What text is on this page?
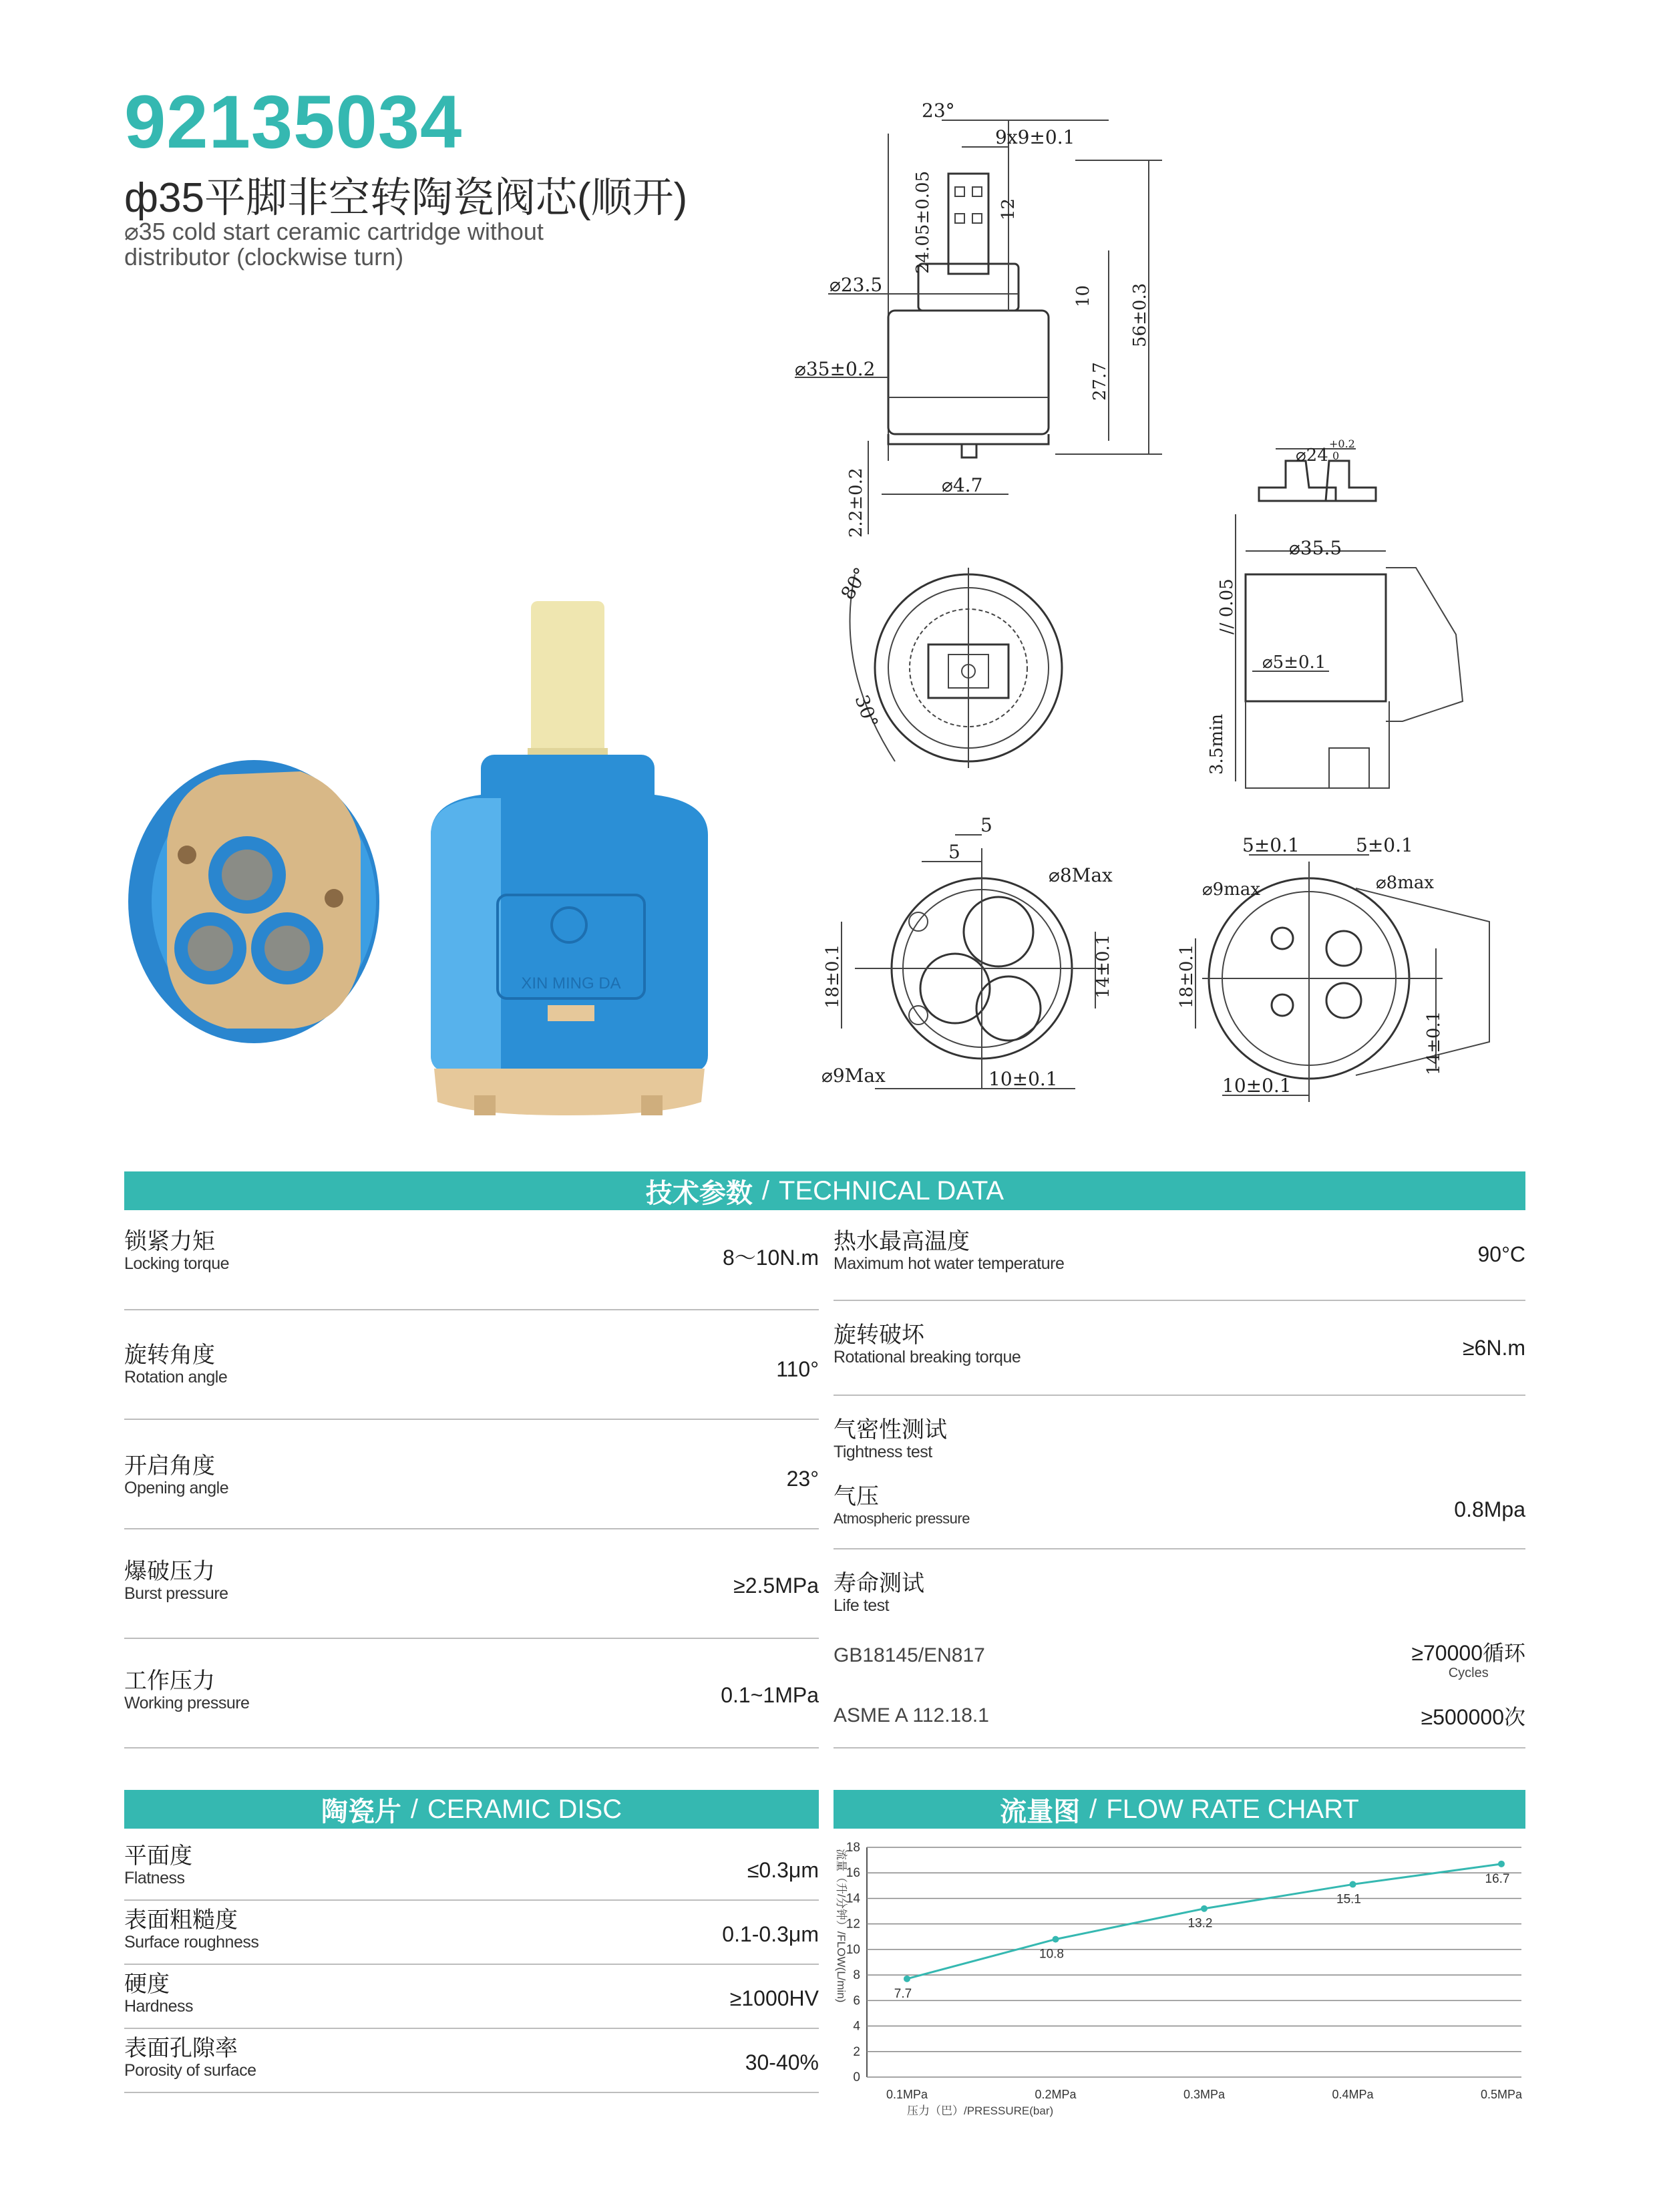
92135034
ф35平脚非空转陶瓷阀芯(顺开)
⌀35 cold start ceramic cartridge without distributor (clockwise turn)
XIN MING DA
23°
9x9±0.1
24.05±0.05	12
⌀23.5
10 56±0.3
⌀35±0.2	27.7
2.2±0.2	⌀4.7
80°
30°
⌀24
+0.2
0
⌀35.5
// 0.05
⌀5±0.1
3.5min
5
5
⌀8Max
18±0.1	14±0.1
⌀9Max	10±0.1
5±0.1	5±0.1
⌀9max	⌀8max
18±0.1
14±0.1
10±0.1
技术参数 / TECHNICAL DATA
锁紧力矩
Locking torque	8～10N.m
旋转角度
Rotation angle	110°
开启角度
Opening angle	23°
爆破压力
Burst pressure	≥2.5MPa
工作压力
Working pressure	0.1~1MPa
热水最高温度
Maximum hot water temperature	90°C
旋转破坏
Rotational breaking torque	≥6N.m
气密性测试
Tightness test
气压
Atmospheric pressure	0.8Mpa
寿命测试
Life test
GB18145/EN817	≥70000循环
Cycles
ASME A 112.18.1	≥500000次
陶瓷片 / CERAMIC DISC
平面度
Flatness	≤0.3μm
表面粗糙度
Surface roughness	0.1-0.3μm
硬度
Hardness	≥1000HV
表面孔隙率
Porosity of surface	30-40%
流量图 / FLOW RATE CHART
0
2
4
6
8
10
12
14
16
18
0.1MPa	0.2MPa	0.3MPa	0.4MPa	0.5MPa
7.7
10.8
13.2
15.1
16.7
流量（升/分钟）/FLOW(L/min)
压力（巴）/PRESSURE(bar)
